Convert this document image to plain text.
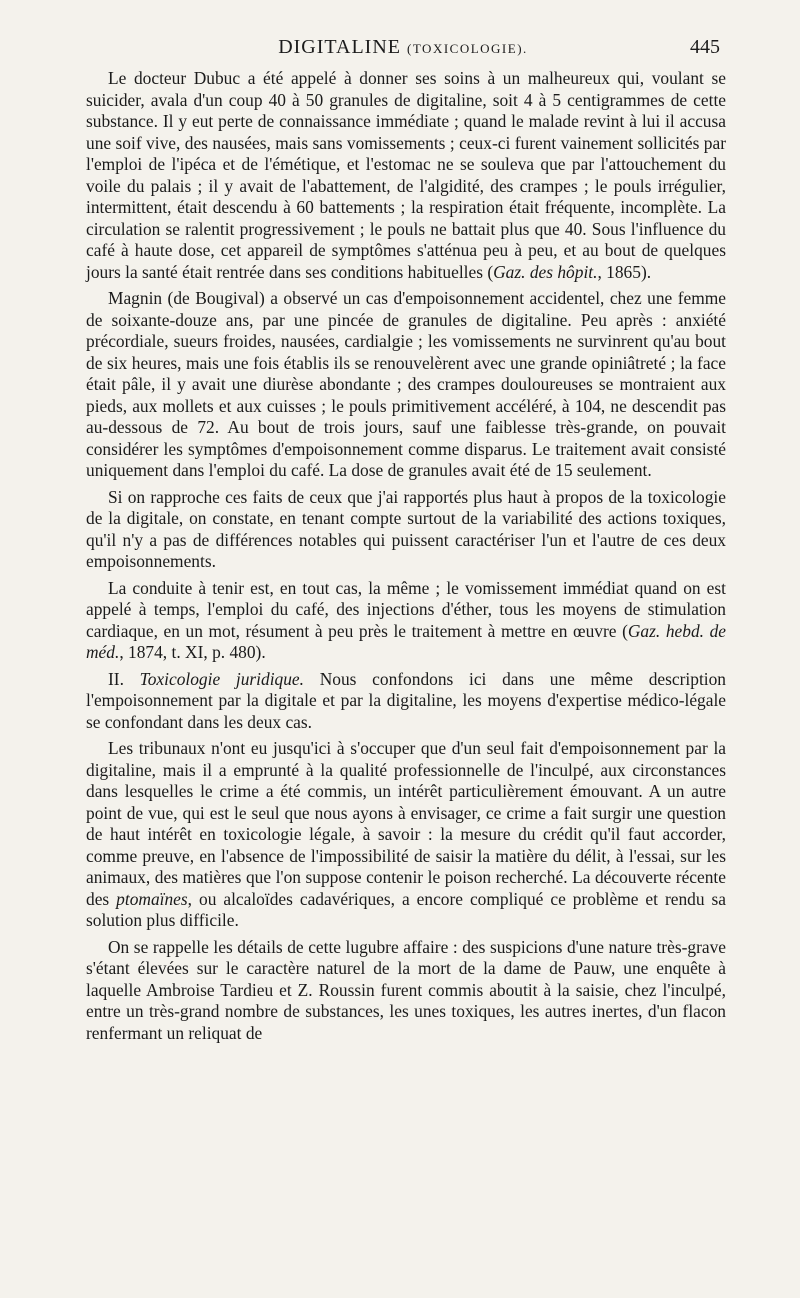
DIGITALINE (TOXICOLOGIE).	445

Le docteur Dubuc a été appelé à donner ses soins à un malheureux qui, voulant se suicider, avala d'un coup 40 à 50 granules de digitaline, soit 4 à 5 centigrammes de cette substance. Il y eut perte de connaissance immédiate ; quand le malade revint à lui il accusa une soif vive, des nausées, mais sans vomissements ; ceux-ci furent vainement sollicités par l'emploi de l'ipéca et de l'émétique, et l'estomac ne se souleva que par l'attouchement du voile du palais ; il y avait de l'abattement, de l'algidité, des crampes ; le pouls irrégulier, intermittent, était descendu à 60 battements ; la respiration était fréquente, incomplète. La circulation se ralentit progressivement ; le pouls ne battait plus que 40. Sous l'influence du café à haute dose, cet appareil de symptômes s'atténua peu à peu, et au bout de quelques jours la santé était rentrée dans ses conditions habituelles (Gaz. des hôpit., 1865).

Magnin (de Bougival) a observé un cas d'empoisonnement accidentel, chez une femme de soixante-douze ans, par une pincée de granules de digitaline. Peu après : anxiété précordiale, sueurs froides, nausées, cardialgie ; les vomissements ne survinrent qu'au bout de six heures, mais une fois établis ils se renouvelèrent avec une grande opiniâtreté ; la face était pâle, il y avait une diurèse abondante ; des crampes douloureuses se montraient aux pieds, aux mollets et aux cuisses ; le pouls primitivement accéléré, à 104, ne descendit pas au-dessous de 72. Au bout de trois jours, sauf une faiblesse très-grande, on pouvait considérer les symptômes d'empoisonnement comme disparus. Le traitement avait consisté uniquement dans l'emploi du café. La dose de granules avait été de 15 seulement.

Si on rapproche ces faits de ceux que j'ai rapportés plus haut à propos de la toxicologie de la digitale, on constate, en tenant compte surtout de la variabilité des actions toxiques, qu'il n'y a pas de différences notables qui puissent caractériser l'un et l'autre de ces deux empoisonnements.

La conduite à tenir est, en tout cas, la même ; le vomissement immédiat quand on est appelé à temps, l'emploi du café, des injections d'éther, tous les moyens de stimulation cardiaque, en un mot, résument à peu près le traitement à mettre en œuvre (Gaz. hebd. de méd., 1874, t. XI, p. 480).

II. Toxicologie juridique. Nous confondons ici dans une même description l'empoisonnement par la digitale et par la digitaline, les moyens d'expertise médico-légale se confondant dans les deux cas.

Les tribunaux n'ont eu jusqu'ici à s'occuper que d'un seul fait d'empoisonnement par la digitaline, mais il a emprunté à la qualité professionnelle de l'inculpé, aux circonstances dans lesquelles le crime a été commis, un intérêt particulièrement émouvant. A un autre point de vue, qui est le seul que nous ayons à envisager, ce crime a fait surgir une question de haut intérêt en toxicologie légale, à savoir : la mesure du crédit qu'il faut accorder, comme preuve, en l'absence de l'impossibilité de saisir la matière du délit, à l'essai, sur les animaux, des matières que l'on suppose contenir le poison recherché. La découverte récente des ptomaïnes, ou alcaloïdes cadavériques, a encore compliqué ce problème et rendu sa solution plus difficile.

On se rappelle les détails de cette lugubre affaire : des suspicions d'une nature très-grave s'étant élevées sur le caractère naturel de la mort de la dame de Pauw, une enquête à laquelle Ambroise Tardieu et Z. Roussin furent commis aboutit à la saisie, chez l'inculpé, entre un très-grand nombre de substances, les unes toxiques, les autres inertes, d'un flacon renfermant un reliquat de
